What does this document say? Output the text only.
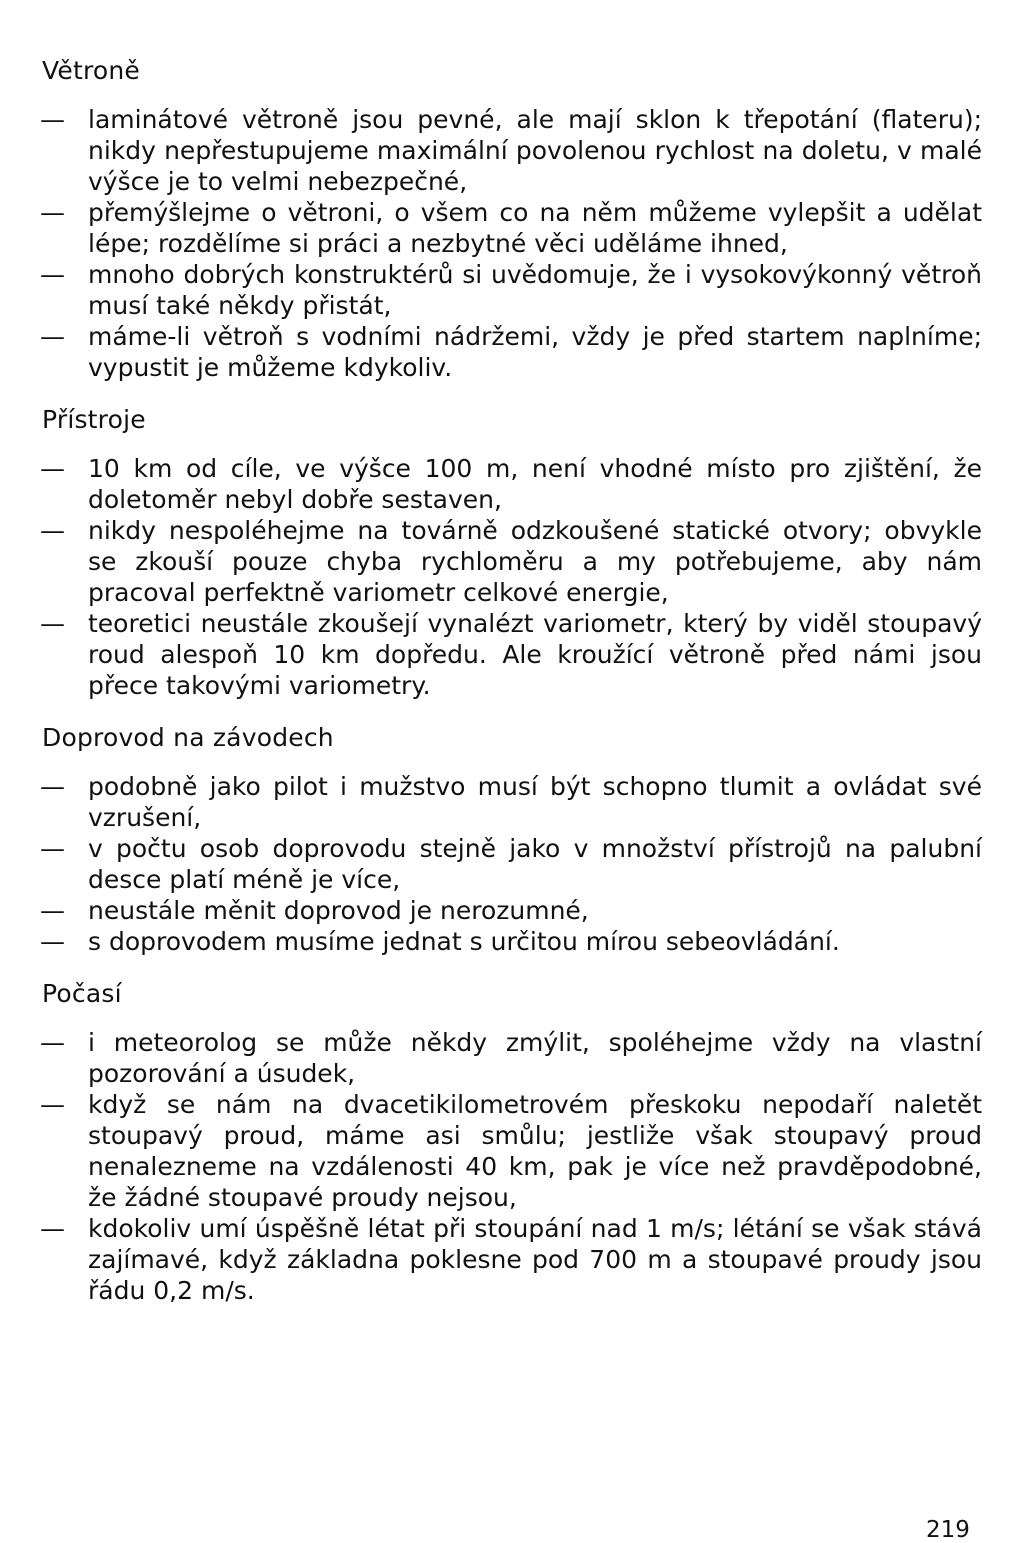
Větroně
— laminátové větroně jsou pevné, ale mají sklon k třepotání (flateru); nikdy nepřestupujeme maximální povolenou rychlost na doletu, v malé výšce je to velmi nebezpečné,
— přemýšlejme o větroni, o všem co na něm můžeme vylepšit a udělat lépe; rozdělíme si práci a nezbytné věci uděláme ihned,
— mnoho dobrých konstruktérů si uvědomuje, že i vysokovýkonný větroň musí také někdy přistát,
— máme-li větroň s vodními nádržemi, vždy je před startem naplníme; vypustit je můžeme kdykoliv.
Přístroje
— 10 km od cíle, ve výšce 100 m, není vhodné místo pro zjištění, že doletoměr nebyl dobře sestaven,
— nikdy nespoléhejme na továrně odzkoušené statické otvory; obvykle se zkouší pouze chyba rychloměru a my potřebujeme, aby nám pracoval perfektně variometr celkové energie,
— teoretici neustále zkoušejí vynalézt variometr, který by viděl stoupavý roud alespoň 10 km dopředu. Ale kroužící větroně před námi jsou přece takovými variometry.
Doprovod na závodech
— podobně jako pilot i mužstvo musí být schopno tlumit a ovládat své vzrušení,
— v počtu osob doprovodu stejně jako v množství přístrojů na palubní desce platí méně je více,
— neustále měnit doprovod je nerozumné,
— s doprovodem musíme jednat s určitou mírou sebeovládání.
Počasí
— i meteorolog se může někdy zmýlit, spoléhejme vždy na vlastní pozorování a úsudek,
— když se nám na dvacetikilometrovém přeskoku nepodaří naletět stoupavý proud, máme asi smůlu; jestliže však stoupavý proud nenalezneme na vzdálenosti 40 km, pak je více než pravděpodobné, že žádné stoupavé proudy nejsou,
— kdokoliv umí úspěšně létat při stoupání nad 1 m/s; létání se však stává zajímavé, když základna poklesne pod 700 m a stoupavé proudy jsou řádu 0,2 m/s.
219
